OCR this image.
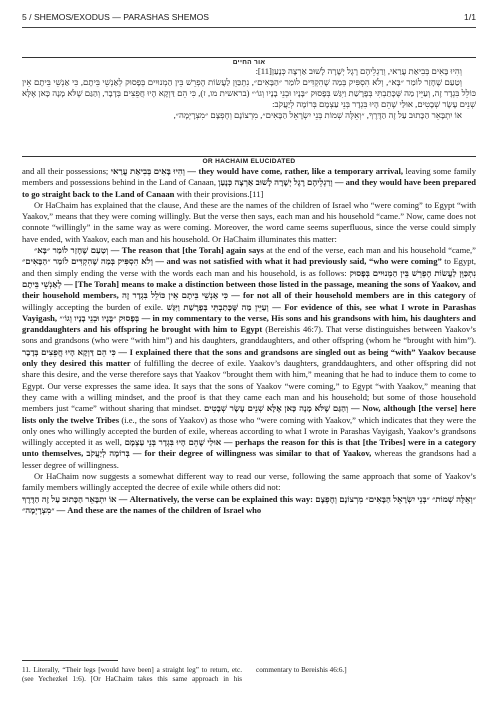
5 / SHEMOS/EXODUS — PARASHAS SHEMOS	1/1
אור החיים

וְהִיוּ בָּאִים בְּבִיאַת עֲרַאי, וְרַגְלֵיהֶם רֶגֶל יְשָׁרָה לָשׁוּב אַרְצָה כְּנָעַן[11]:

וְטַעַם שֶׁחָזַר לוֹמַר ״בָּא״, וְלֹא הִסְפִּיק בְּמַה שֶׁהִקְדִּים לוֹמַר ״הַבָּאִים״, נִתְכַּוֵּן לַעֲשׂוֹת הֶפְרֵשׁ בֵּין הַמְנוּיִים בְּפָסוּק לְאַנְשֵׁי בֵּיתָם, כִּי אַנְשֵׁי בֵּיתָם אֵין כּוֹלֵל בִּגְדָר זֶה, וְעַיֵּין מַה שֶּׁכָּתַבְתִּי בְּפָרָשַׁת וַיִּגַּשׁ בְּפָסוּק ״בָּנָיו וּבְנֵי בָנָיו וְגוֹ׳״ (בראשית מו, ז), כִּי הֵם דַּוְקָא הָיוּ חֲפֵצִים בְּדָבָר, וְהַגַּם שֶׁלֹּא מָנָה כָּאן אֶלָּא שְׁנֵים עָשָׂר שְׁבָטִים, אוּלַי שֶׁהֵם הָיוּ בִּגְדָר בְּנֵי עַצְמָם בְּרוֹמָה לְיַעֲקֹב:

אוֹ יִתְבָּאֵר הַכָּתוּב עַל זֶה הַדֶּרֶךְ, ״וְאֵלֶּה שְׁמוֹת בְּנֵי יִשְׂרָאֵל הַבָּאִים״, מִרְצוֹנָם וְחֶפְצָם ״מִצְרָיְמָה״,

OR HACHAIM ELUCIDATED

and all their possessions; וְהִיוּ בָּאִים בְּבִיאַת עֲרַאי — they would have come, rather, like a temporary arrival, leaving some family members and possessions behind in the Land of Canaan, וְרַגְלֵיהֶם רֶגֶל יְשָׁרָה לָשׁוּב אַרְצָה כְּנָעַן — and they would have been prepared to go straight back to the Land of Canaan with their provisions.[11]

Or HaChaim has explained that the clause, And these are the names of the children of Israel who “were coming” to Egypt “with Yaakov,” means that they were coming willingly. But the verse then says, each man and his household “came.” Now, came does not connote “willingly” in the same way as were coming. Moreover, the word came seems superfluous, since the verse could simply have ended, with Yaakov, each man and his household. Or HaChaim illuminates this matter:

וְטַעַם שֶׁחָזַר לוֹמַר ״בָּא״ — The reason that [the Torah] again says at the end of the verse, each man and his household “came,” וְלֹא הִסְפִּיק בְּמַה שֶׁהִקְדִּים לוֹמַר ״הַבָּאִים״ — and was not satisfied with what it had previously said, “who were coming” to Egypt, and then simply ending the verse with the words each man and his household, is as follows: נִתְכַּוֵּן לַעֲשׂוֹת הֶפְרֵשׁ בֵּין הַמְנוּיִים בְּפָסוּק לְאַנְשֵׁי בֵּיתָם — [The Torah] means to make a distinction between those listed in the passage, meaning the sons of Yaakov, and their household members, כִּי אַנְשֵׁי בֵּיתָם אֵין כּוֹלֵל בִּגְדָר זֶה — for not all of their household members are in this category of willingly accepting the burden of exile. וְעַיֵּין מַה שֶּׁכָּתַבְתִּי בְּפָרָשַׁת וַיִּגַּשׁ — For evidence of this, see what I wrote in Parashas Vayigash, בְּפָסוּק ״בָּנָיו וּבְנֵי בָנָיו וְגוֹ׳״ — in my commentary to the verse, His sons and his grandsons with him, his daughters and granddaughters and his offspring he brought with him to Egypt (Bereishis 46:7). That verse distinguishes between Yaakov’s sons and grandsons (who were “with him”) and his daughters, granddaughters, and other offspring (whom he “brought with him”). כִּי הֵם דַּוְקָא הָיוּ חֲפֵצִים בְּדָבָר — I explained there that the sons and grandsons are singled out as being “with” Yaakov because only they desired this matter of fulfilling the decree of exile. Yaakov’s daughters, granddaughters, and other offspring did not share this desire, and the verse therefore says that Yaakov “brought them with him,” meaning that he had to induce them to come to Egypt. Our verse expresses the same idea. It says that the sons of Yaakov “were coming,” to Egypt “with Yaakov,” meaning that they came with a willing mindset, and the proof is that they came each man and his household; but some of those household members just “came” without sharing that mindset. וְהַגַּם שֶׁלֹּא מָנָה כָּאן אֶלָּא שְׁנֵים עָשָׂר שְׁבָטִים — Now, although [the verse] here lists only the twelve Tribes (i.e., the sons of Yaakov) as those who “were coming with Yaakov,” which indicates that they were the only ones who willingly accepted the burden of exile, whereas according to what I wrote in Parashas Vayigash, Yaakov’s grandsons willingly accepted it as well, אוּלַי שֶׁהֵם הָיוּ בִּגְדָר בְּנֵי עַצְמָם — perhaps the reason for this is that [the Tribes] were in a category unto themselves, בְּרוֹמָה לְיַעֲקֹב — for their degree of willingness was similar to that of Yaakov, whereas the grandsons had a lesser degree of willingness.

Or HaChaim now suggests a somewhat different way to read our verse, following the same approach that some of Yaakov’s family members willingly accepted the decree of exile while others did not:

אוֹ יִתְבָּאֵר הַכָּתוּב עַל זֶה הַדֶּרֶךְ — Alternatively, the verse can be explained this way:	״וְאֵלֶּה שְׁמוֹת״ ״בְּנֵי יִשְׂרָאֵל הַבָּאִים״ מִרְצוֹנָם וְחֶפְצָם ״מִצְרָיְמָה״ — And these are the names of the children of Israel who

11. Literally, “Their legs [would have been] a straight leg” to return, etc. (see Yechezkel 1:6). [Or HaChaim takes this same approach in his commentary to Bereishis 46:6.]
